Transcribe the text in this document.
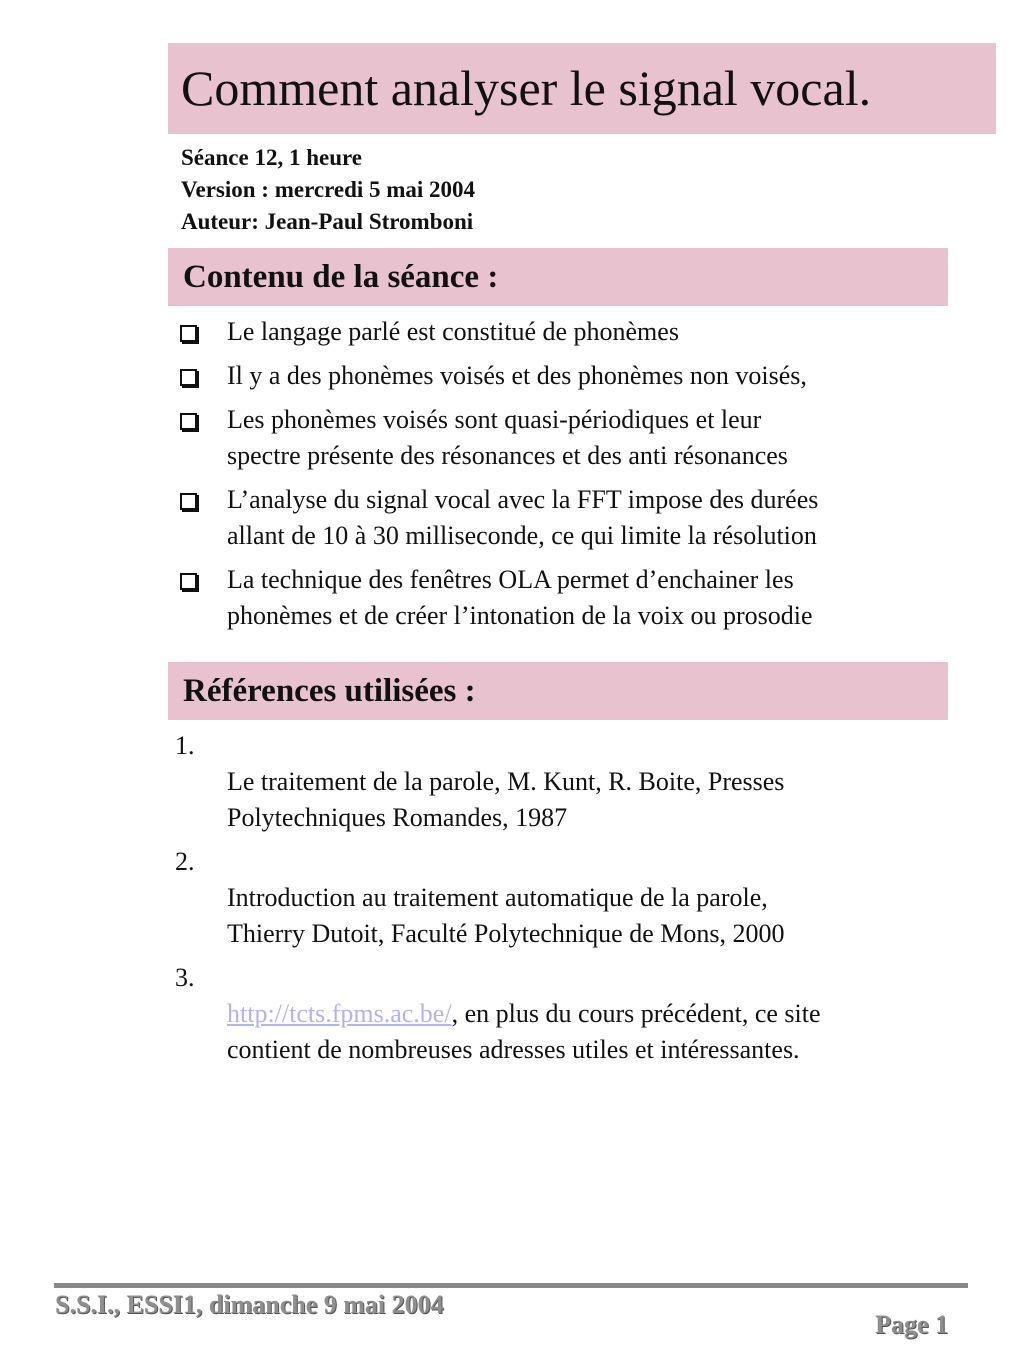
Comment analyser le signal vocal.
Séance 12, 1 heure
Version : mercredi 5 mai 2004
Auteur: Jean-Paul Stromboni
Contenu de la séance :
Le langage parlé est constitué de phonèmes
Il y a des phonèmes voisés et des phonèmes non voisés,
Les phonèmes voisés sont quasi-périodiques et leur
spectre présente des résonances et des anti résonances
L’analyse du signal vocal avec la FFT impose des durées
allant de 10 à 30 milliseconde, ce qui limite la résolution
La technique des fenêtres OLA permet d’enchainer les
phonèmes et de créer l’intonation de la voix ou prosodie
Références utilisées :

1.
Le traitement de la parole, M. Kunt, R. Boite, Presses
Polytechniques Romandes, 1987

2.
Introduction au traitement automatique de la parole,
Thierry Dutoit, Faculté Polytechnique de Mons, 2000

3.
http://tcts.fpms.ac.be/, en plus du cours précédent, ce site
contient de nombreuses adresses utiles et intéressantes.

S.S.I., ESSI1, dimanche 9 mai 2004
Page 1
